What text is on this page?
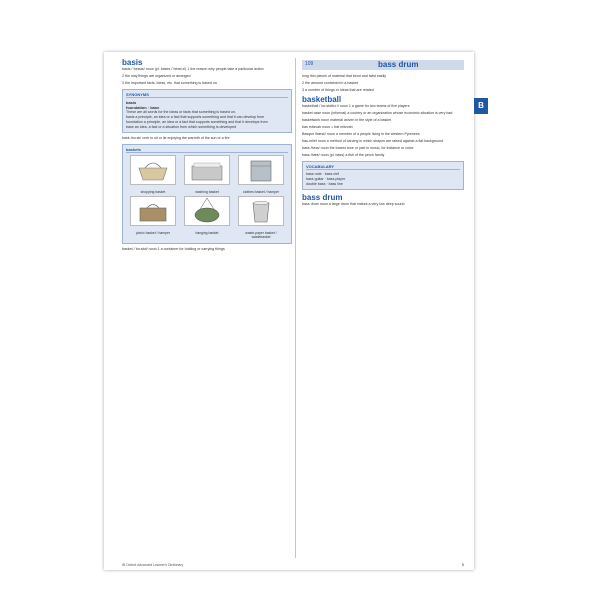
basis

basis /ˈbeɪsɪs/ noun (pl. bases /ˈbeɪsiːz/) 1 the reason why people take a particular action

2 the way things are organized or arranged

3 the important facts, ideas, etc. that something is based on

SYNONYMS
basis
foundation · base
These are all words for the ideas or facts that something is based on.
basis a principle, an idea or a fact that supports something and that it can develop from
foundation a principle, an idea or a fact that supports something and that it develops from
base an idea, a fact or a situation from which something is developed

bask /bɑːsk/ verb to sit or lie enjoying the warmth of the sun or a fire

baskets
shopping basket	washing basket	clothes basket / hamper
picnic basket / hamper	hanging basket	waste-paper basket / wastebasket

basket /ˈbɑːskɪt/ noun 1 a container for holding or carrying things

109	bass drum

long thin pieces of material that bend and twist easily

2 the amount contained in a basket

3 a number of things or ideas that are related

basketball

basketball /ˈbɑːskɪtbɔːl/ noun 1 a game for two teams of five players

basket case noun (informal) a country or an organization whose economic situation is very bad

basketwork noun material woven in the style of a basket

bas mitzvah noun = bat mitzvah

Basque /bæsk/ noun a member of a people living in the western Pyrenees

bas-relief noun a method of carving in which shapes are raised against a flat background

bass /beɪs/ noun the lowest tone or part in music, for instance or voice

bass /bæs/ noun (pl. bass) a fish of the perch family

VOCABULARY
bass note · bass clef
bass guitar · bass player
double bass · bass line
bass drum

bass drum noun a large drum that makes a very low deep sound

IB Oxford Advanced Learner's Dictionary	B
B
